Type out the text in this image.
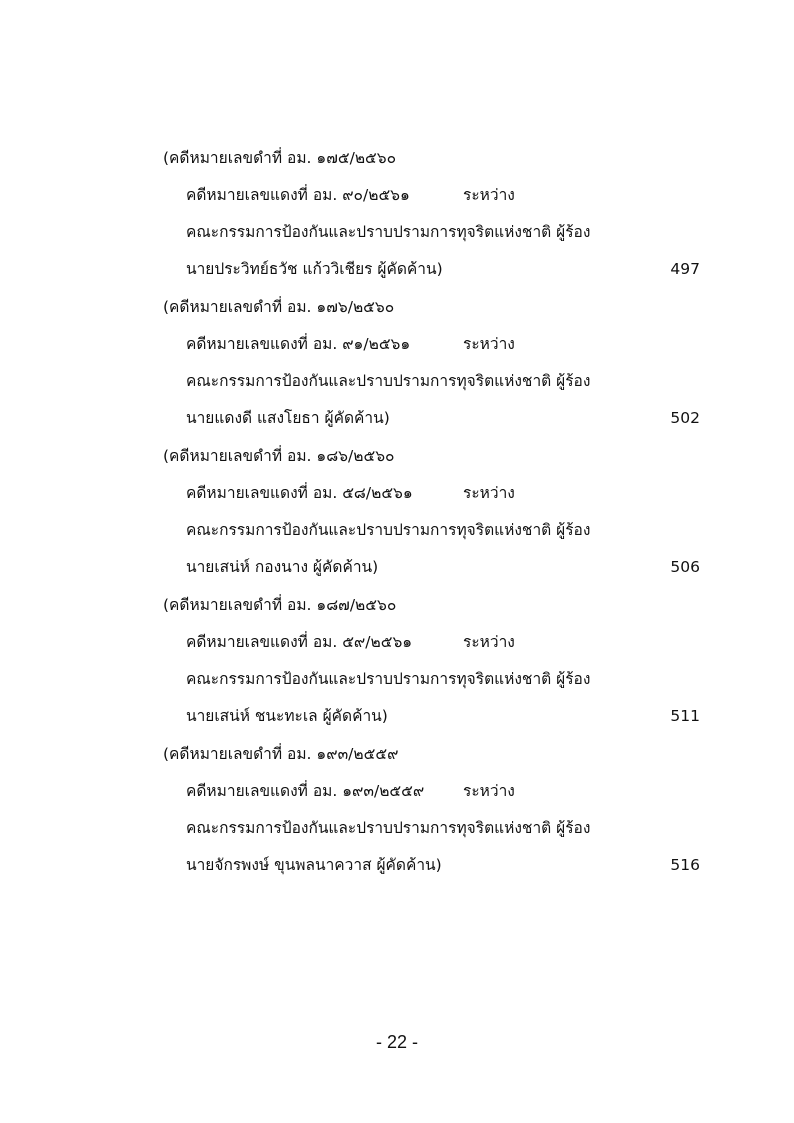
(คดีหมายเลขดำที่ อม. ๑๗๕/๒๕๖๐
คดีหมายเลขแดงที่ อม. ๙๐/๒๕๖๑	ระหว่าง
คณะกรรมการป้องกันและปราบปรามการทุจริตแห่งชาติ ผู้ร้อง
นายประวิทย์ธวัช แก้ววิเชียร ผู้คัดค้าน)	497
(คดีหมายเลขดำที่ อม. ๑๗๖/๒๕๖๐
คดีหมายเลขแดงที่ อม. ๙๑/๒๕๖๑	ระหว่าง
คณะกรรมการป้องกันและปราบปรามการทุจริตแห่งชาติ ผู้ร้อง
นายแดงดี แสงโยธา ผู้คัดค้าน)	502
(คดีหมายเลขดำที่ อม. ๑๘๖/๒๕๖๐
คดีหมายเลขแดงที่ อม. ๕๘/๒๕๖๑	ระหว่าง
คณะกรรมการป้องกันและปราบปรามการทุจริตแห่งชาติ ผู้ร้อง
นายเสน่ห์ กองนาง ผู้คัดค้าน)	506
(คดีหมายเลขดำที่ อม. ๑๘๗/๒๕๖๐
คดีหมายเลขแดงที่ อม. ๕๙/๒๕๖๑	ระหว่าง
คณะกรรมการป้องกันและปราบปรามการทุจริตแห่งชาติ ผู้ร้อง
นายเสน่ห์ ชนะทะเล ผู้คัดค้าน)	511
(คดีหมายเลขดำที่ อม. ๑๙๓/๒๕๕๙
คดีหมายเลขแดงที่ อม. ๑๙๓/๒๕๕๙	ระหว่าง
คณะกรรมการป้องกันและปราบปรามการทุจริตแห่งชาติ ผู้ร้อง
นายจักรพงษ์ ขุนพลนาควาส ผู้คัดค้าน)	516
- 22 -
